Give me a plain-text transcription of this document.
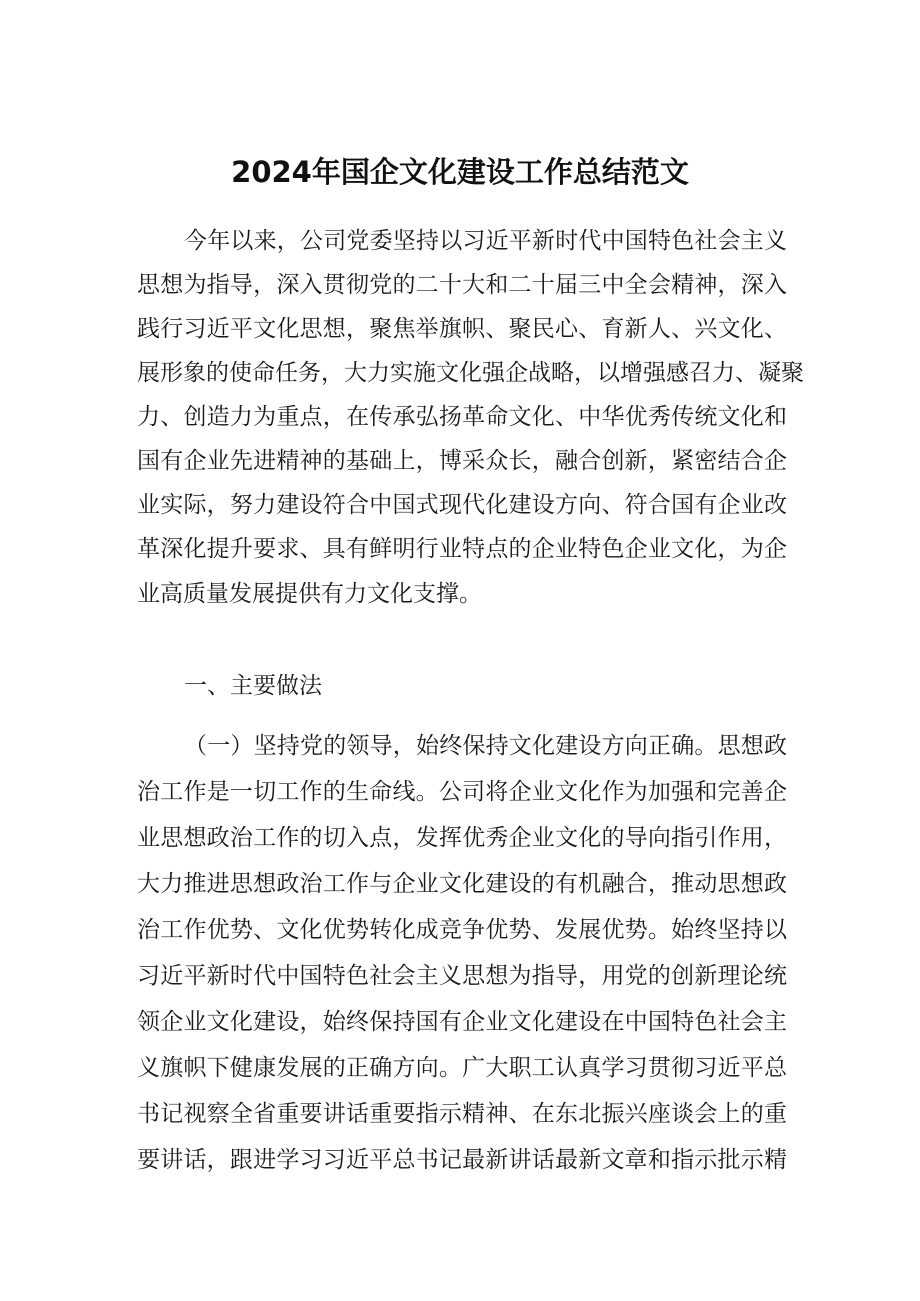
2024年国企文化建设工作总结范文
今年以来，公司党委坚持以习近平新时代中国特色社会主义
思想为指导，深入贯彻党的二十大和二十届三中全会精神，深入
践行习近平文化思想，聚焦举旗帜、聚民心、育新人、兴文化、
展形象的使命任务，大力实施文化强企战略，以增强感召力、凝聚
力、创造力为重点，在传承弘扬革命文化、中华优秀传统文化和
国有企业先进精神的基础上，博采众长，融合创新，紧密结合企
业实际，努力建设符合中国式现代化建设方向、符合国有企业改
革深化提升要求、具有鲜明行业特点的企业特色企业文化，为企
业高质量发展提供有力文化支撑。
一、主要做法
（一）坚持党的领导，始终保持文化建设方向正确。思想政
治工作是一切工作的生命线。公司将企业文化作为加强和完善企
业思想政治工作的切入点，发挥优秀企业文化的导向指引作用，
大力推进思想政治工作与企业文化建设的有机融合，推动思想政
治工作优势、文化优势转化成竞争优势、发展优势。始终坚持以
习近平新时代中国特色社会主义思想为指导，用党的创新理论统
领企业文化建设，始终保持国有企业文化建设在中国特色社会主
义旗帜下健康发展的正确方向。广大职工认真学习贯彻习近平总
书记视察全省重要讲话重要指示精神、在东北振兴座谈会上的重
要讲话，跟进学习习近平总书记最新讲话最新文章和指示批示精
